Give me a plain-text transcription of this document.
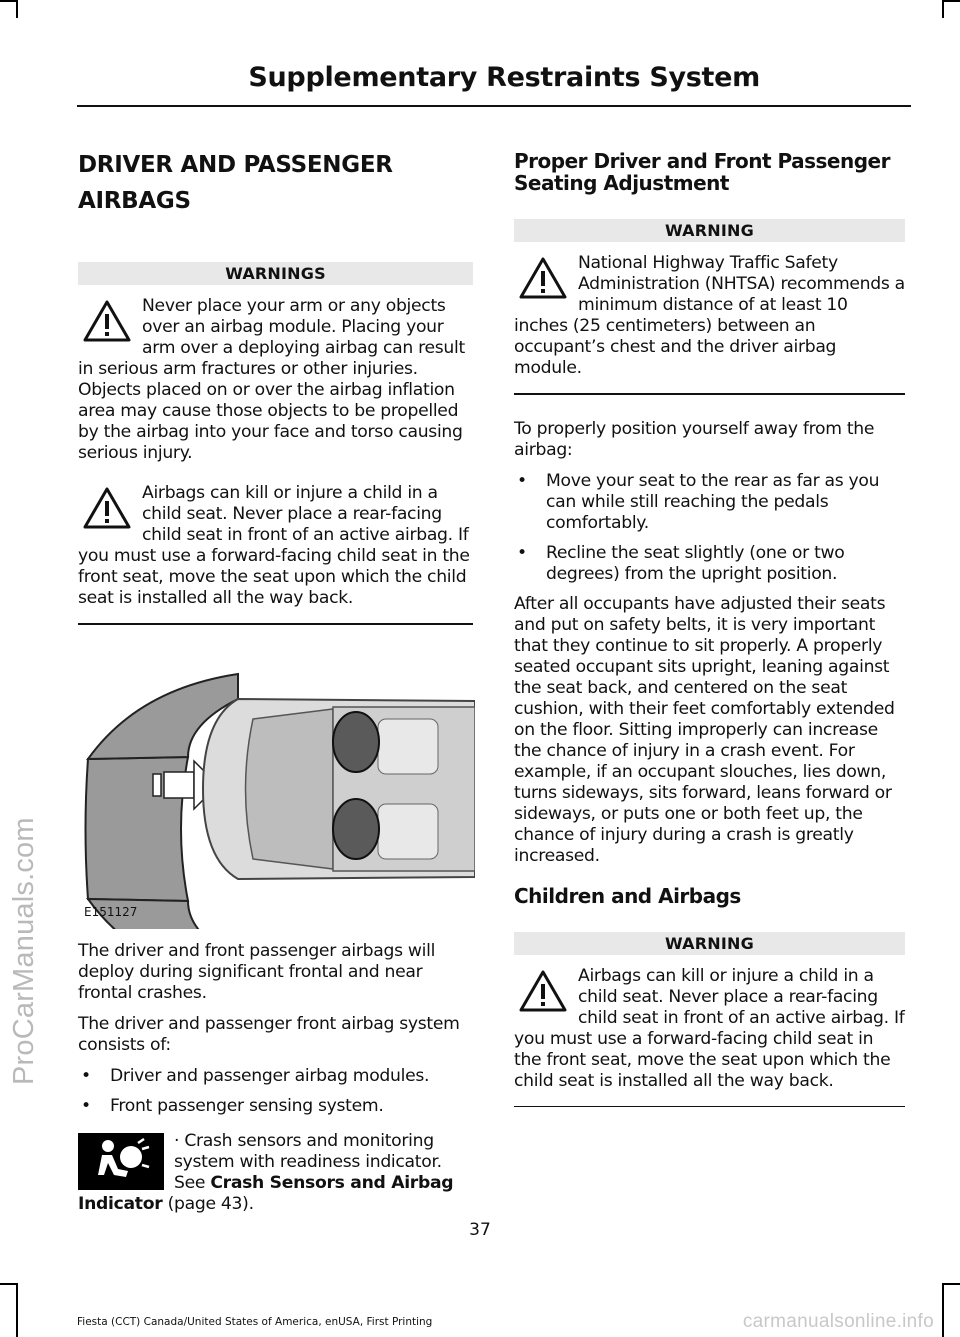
ProCarManuals.com
Supplementary Restraints System
DRIVER AND PASSENGER
AIRBAGS
WARNINGS
Never place your arm or any objects over an airbag module. Placing your arm over a deploying airbag can result in serious arm fractures or other injuries. Objects placed on or over the airbag inflation area may cause those objects to be propelled by the airbag into your face and torso causing serious injury.
Airbags can kill or injure a child in a child seat. Never place a rear-facing child seat in front of an active airbag. If you must use a forward-facing child seat in the front seat, move the seat upon which the child seat is installed all the way back.
E151127

The driver and front passenger airbags will deploy during significant frontal and near frontal crashes.

The driver and passenger front airbag system consists of:

• Driver and passenger airbag modules.
• Front passenger sensing system.
· Crash sensors and monitoring system with readiness indicator. See Crash Sensors and Airbag Indicator (page 43).
Proper Driver and Front Passenger Seating Adjustment
WARNING
National Highway Traffic Safety Administration (NHTSA) recommends a minimum distance of at least 10 inches (25 centimeters) between an occupant’s chest and the driver airbag module.

To properly position yourself away from the airbag:

• Move your seat to the rear as far as you can while still reaching the pedals comfortably.
• Recline the seat slightly (one or two degrees) from the upright position.

After all occupants have adjusted their seats and put on safety belts, it is very important that they continue to sit properly. A properly seated occupant sits upright, leaning against the seat back, and centered on the seat cushion, with their feet comfortably extended on the floor. Sitting improperly can increase the chance of injury in a crash event. For example, if an occupant slouches, lies down, turns sideways, sits forward, leans forward or sideways, or puts one or both feet up, the chance of injury during a crash is greatly increased.

Children and Airbags
WARNING
Airbags can kill or injure a child in a child seat. Never place a rear-facing child seat in front of an active airbag. If you must use a forward-facing child seat in the front seat, move the seat upon which the child seat is installed all the way back.
37
Fiesta (CCT) Canada/United States of America, enUSA, First Printing	carmanualsonline.info
